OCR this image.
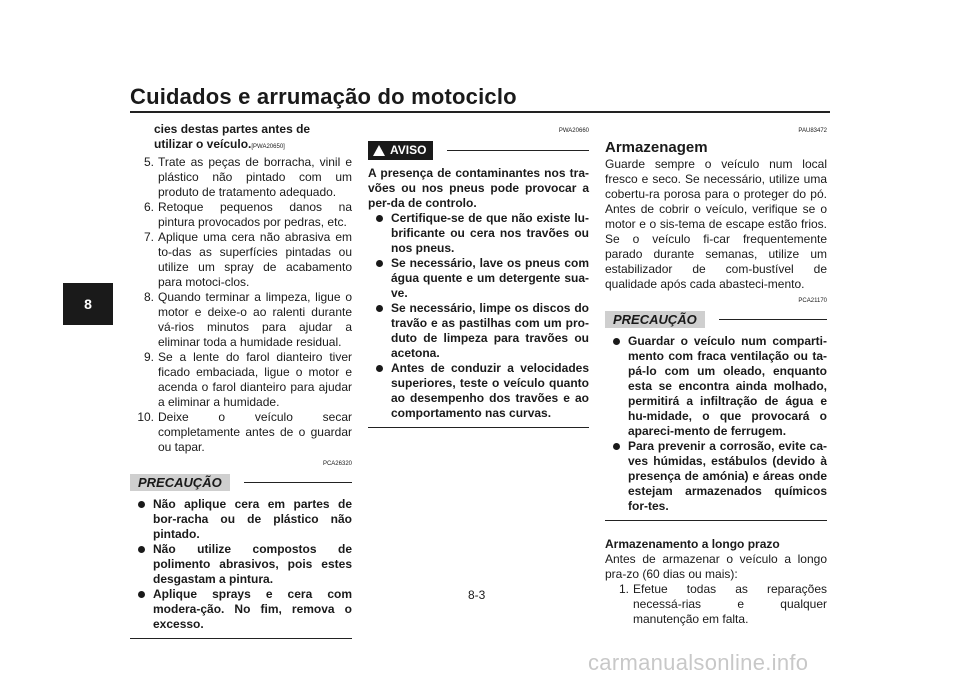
Cuidados e arrumação do motociclo
8
cies destas partes antes de utilizar o veículo.[PWA20650]
5. Trate as peças de borracha, vinil e plástico não pintado com um produto de tratamento adequado.
6. Retoque pequenos danos na pintura provocados por pedras, etc.
7. Aplique uma cera não abrasiva em to-das as superfícies pintadas ou utilize um spray de acabamento para motoci-clos.
8. Quando terminar a limpeza, ligue o motor e deixe-o ao ralenti durante vá-rios minutos para ajudar a eliminar toda a humidade residual.
9. Se a lente do farol dianteiro tiver ficado embaciada, ligue o motor e acenda o farol dianteiro para ajudar a eliminar a humidade.
10. Deixe o veículo secar completamente antes de o guardar ou tapar.
PCA26320
PRECAUÇÃO
Não aplique cera em partes de bor-racha ou de plástico não pintado.
Não utilize compostos de polimento abrasivos, pois estes desgastam a pintura.
Aplique sprays e cera com modera-ção. No fim, remova o excesso.
PWA20660
AVISO
A presença de contaminantes nos tra-vões ou nos pneus pode provocar a per-da de controlo.
Certifique-se de que não existe lu-brificante ou cera nos travões ou nos pneus.
Se necessário, lave os pneus com água quente e um detergente sua-ve.
Se necessário, limpe os discos do travão e as pastilhas com um pro-duto de limpeza para travões ou acetona.
Antes de conduzir a velocidades superiores, teste o veículo quanto ao desempenho dos travões e ao comportamento nas curvas.
PAU83472
Armazenagem
Guarde sempre o veículo num local fresco e seco. Se necessário, utilize uma cobertu-ra porosa para o proteger do pó. Antes de cobrir o veículo, verifique se o motor e o sis-tema de escape estão frios. Se o veículo fi-car frequentemente parado durante semanas, utilize um estabilizador de com-bustível de qualidade após cada abasteci-mento.
PCA21170
PRECAUÇÃO
Guardar o veículo num comparti-mento com fraca ventilação ou ta-pá-lo com um oleado, enquanto esta se encontra ainda molhado, permitirá a infiltração de água e hu-midade, o que provocará o apareci-mento de ferrugem.
Para prevenir a corrosão, evite ca-ves húmidas, estábulos (devido à presença de amónia) e áreas onde estejam armazenados químicos for-tes.
Armazenamento a longo prazo
Antes de armazenar o veículo a longo pra-zo (60 dias ou mais):
1. Efetue todas as reparações necessá-rias e qualquer manutenção em falta.
8-3
carmanualsonline.info
